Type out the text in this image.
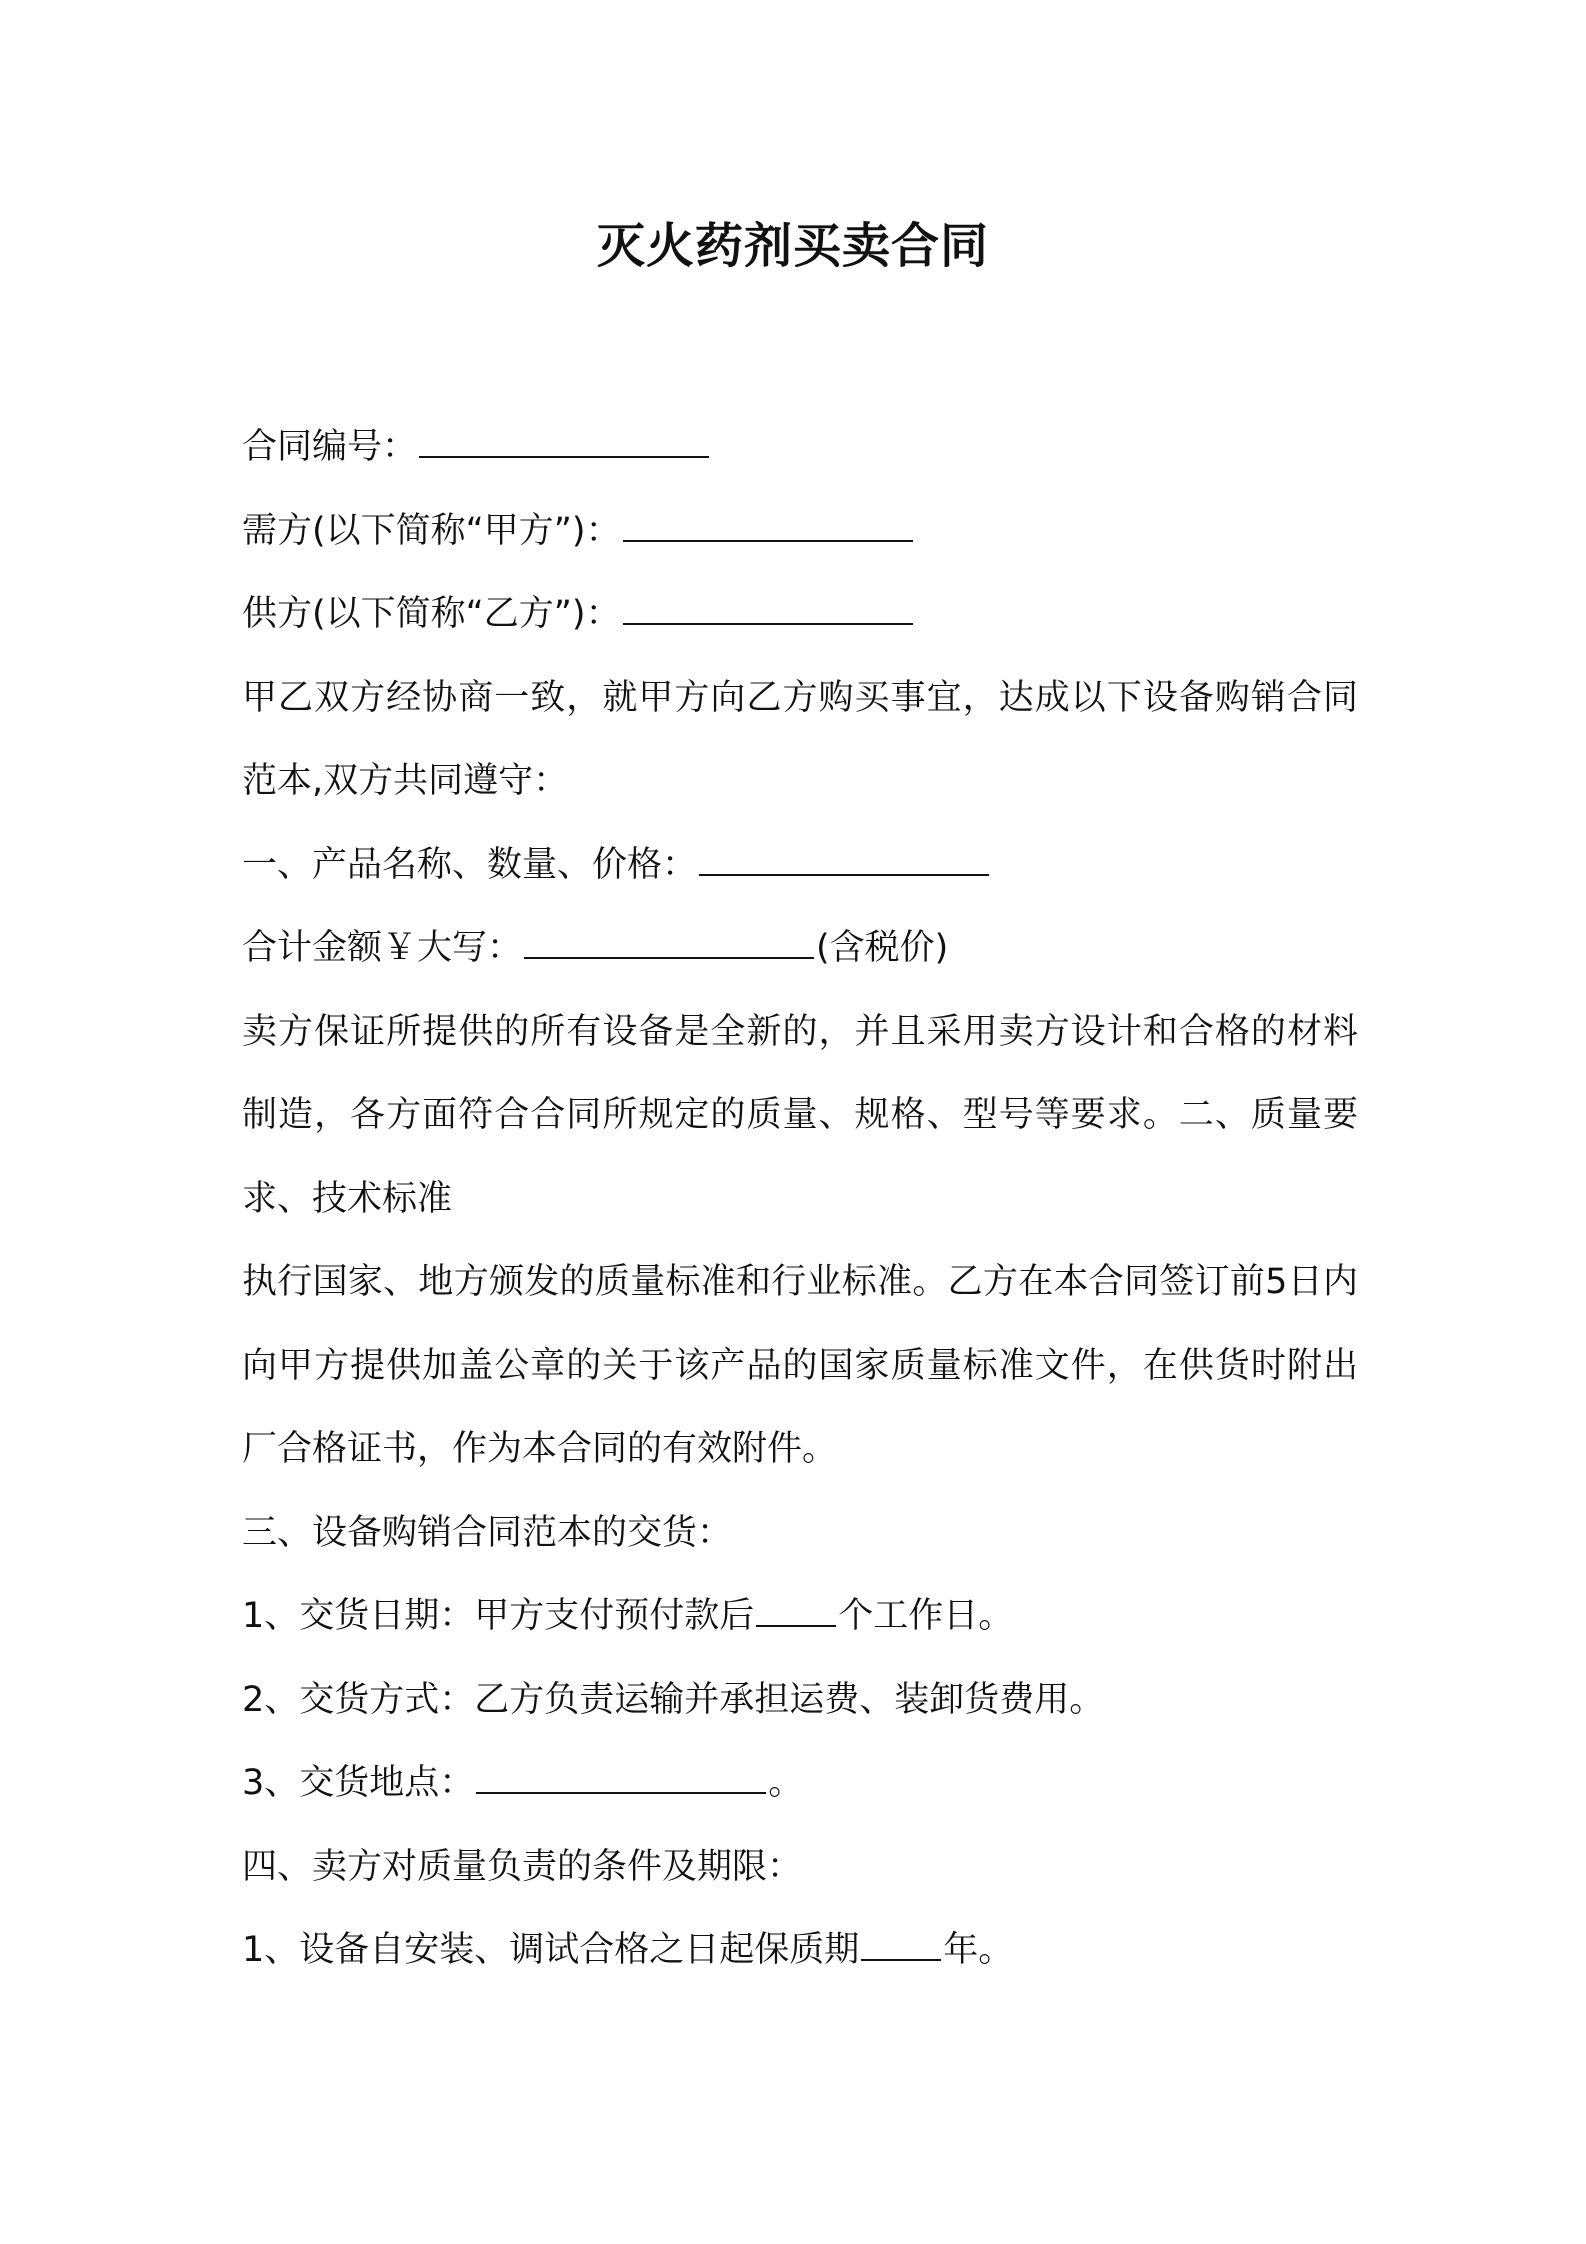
灭火药剂买卖合同
合同编号：
需方(以下简称“甲方”)：
供方(以下简称“乙方”)：
甲乙双方经协商一致，就甲方向乙方购买事宜，达成以下设备购销合同范本,双方共同遵守：
一、产品名称、数量、价格：
合计金额￥大写：	(含税价)
卖方保证所提供的所有设备是全新的，并且采用卖方设计和合格的材料制造，各方面符合合同所规定的质量、规格、型号等要求。二、质量要求、技术标准
执行国家、地方颁发的质量标准和行业标准。乙方在本合同签订前5日内向甲方提供加盖公章的关于该产品的国家质量标准文件，在供货时附出厂合格证书，作为本合同的有效附件。
三、设备购销合同范本的交货：
1、交货日期：甲方支付预付款后 个工作日。
2、交货方式：乙方负责运输并承担运费、装卸货费用。
3、交货地点：	。
四、卖方对质量负责的条件及期限：
1、设备自安装、调试合格之日起保质期 年。
